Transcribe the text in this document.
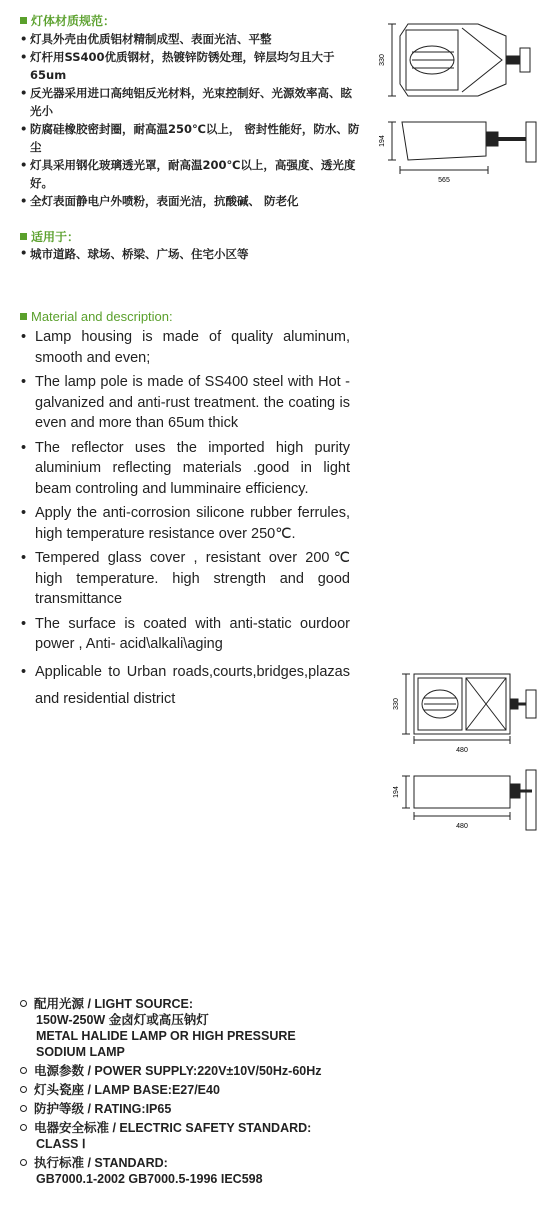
灯体材质规范：
• 灯具外壳由优质铝材精制成型、表面光洁、平整
• 灯杆用SS400优质钢材，热镀锌防锈处理，锌层均匀且大于65um
• 反光器采用进口高纯铝反光材料，光束控制好、光源效率高、眩光小
• 防腐硅橡胶密封圈，耐高温250℃以上， 密封性能好，防水、防尘
• 灯具采用钢化玻璃透光罩，耐高温200℃以上，高强度、透光度好。
• 全灯表面静电户外喷粉，表面光洁，抗酸碱、 防老化
适用于：
• 城市道路、球场、桥梁、广场、住宅小区等
330
194
565
Material and description:
• Lamp housing is made of quality aluminum, smooth and even;
• The lamp pole is made of SS400 steel with Hot -galvanized and anti-rust treatment. the coating is even and more than 65um thick
• The reflector uses the imported high purity aluminium reflecting materials .good in light beam controling and lumminaire efficiency.
• Apply the anti-corrosion silicone rubber ferrules, high temperature resistance over 250℃.
• Tempered glass cover , resistant over 200℃ high temperature. high strength and good transmittance
• The surface is coated with anti-static ourdoor power , Anti- acid\alkali\aging
• Applicable to Urban roads,courts,bridges,plazas and residential district	330
480
194
480
配用光源 / LIGHT SOURCE:
150W-250W 金卤灯或高压钠灯
METAL HALIDE LAMP OR HIGH PRESSURE
SODIUM LAMP
电源参数 / POWER SUPPLY:220V±10V/50Hz-60Hz
灯头瓷座 / LAMP BASE:E27/E40
防护等级 / RATING:IP65
电器安全标准 / ELECTRIC SAFETY STANDARD:
CLASS Ⅰ
执行标准 / STANDARD:
GB7000.1-2002 GB7000.5-1996 IEC598
